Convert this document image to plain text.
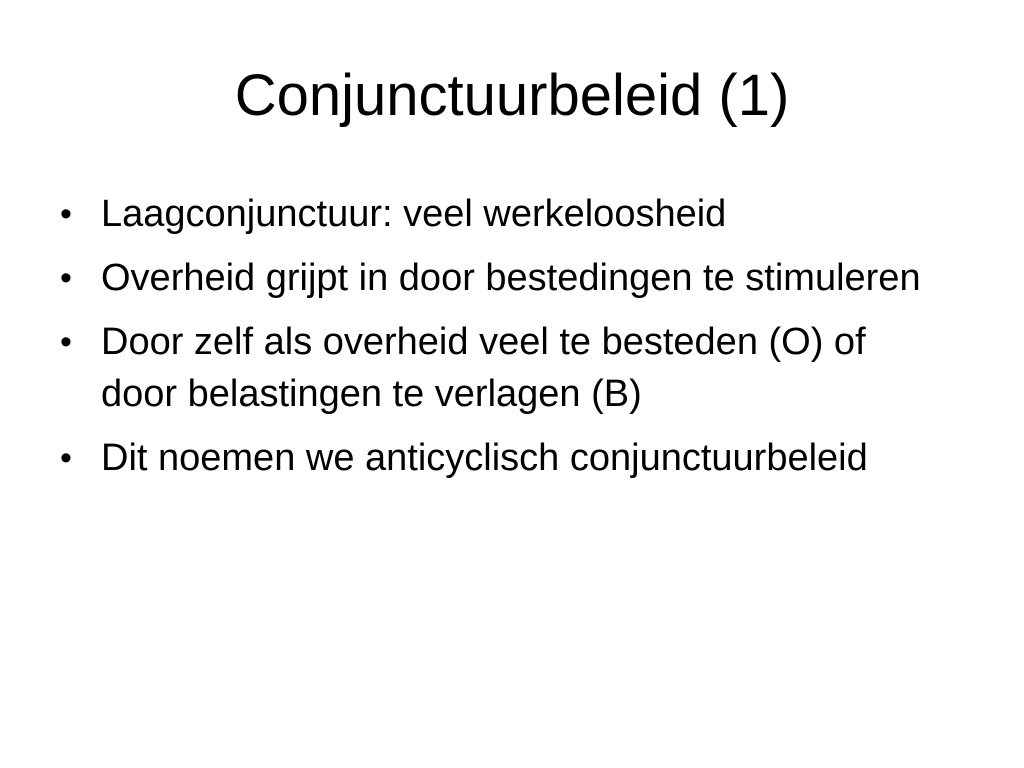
Conjunctuurbeleid (1)
• Laagconjunctuur: veel werkeloosheid
• Overheid grijpt in door bestedingen te stimuleren
• Door zelf als overheid veel te besteden (O) of door belastingen te verlagen (B)
• Dit noemen we anticyclisch conjunctuurbeleid
